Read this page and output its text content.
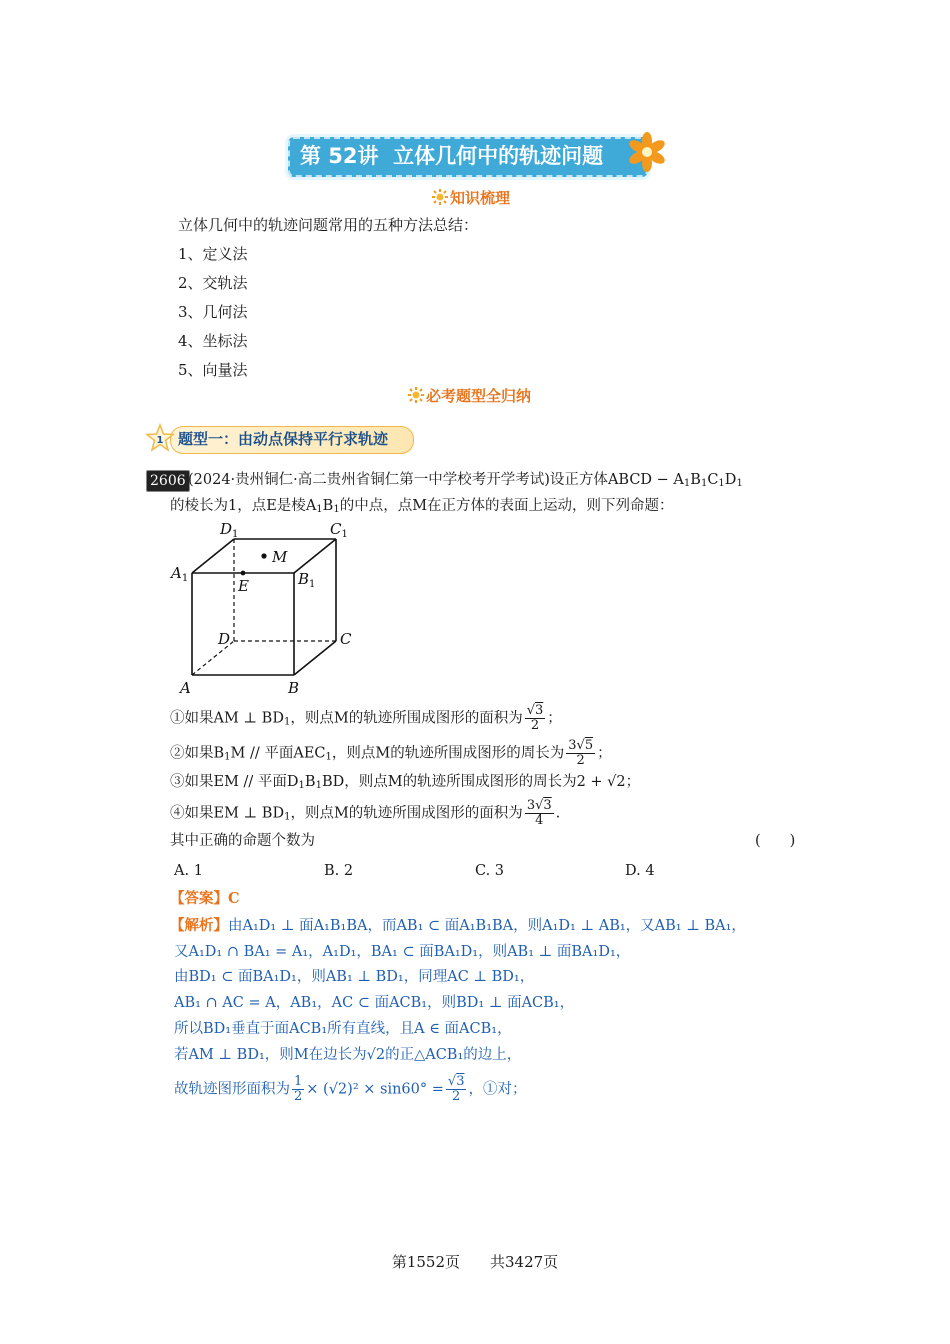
第 52讲 立体几何中的轨迹问题
知识梳理
立体几何中的轨迹问题常用的五种方法总结：
1、定义法
2、交轨法
3、几何法
4、坐标法
5、向量法
必考题型全归纳
1 题型一：由动点保持平行求轨迹
2606 (2024·贵州铜仁·高二贵州省铜仁第一中学校考开学考试)设正方体ABCD − $A_1B_1C_1D_1$
的棱长为1，点E是棱$A_1B_1$的中点，点M在正方体的表面上运动，则下列命题：
$D_1$	$C_1$
$A_1$	$B_1$
M
E
D	C
A	B
①如果AM ⊥ $BD_1$，则点M的轨迹所围成图形的面积为 $\frac{√3}{2}$ ；
②如果$B_1M$ // 平面$AEC_1$，则点M的轨迹所围成图形的周长为 $\frac{3√5}{2}$ ；
③如果EM // 平面$D_1B_1BD$，则点M的轨迹所围成图形的周长为2 + √2；
④如果EM ⊥ $BD_1$，则点M的轨迹所围成图形的面积为 $\frac{3√3}{4}$ .
其中正确的命题个数为	(　　)
A. 1	B. 2	C. 3	D. 4
【答案】C
【解析】由A₁D₁ ⊥ 面A₁B₁BA，而AB₁ ⊂ 面A₁B₁BA，则A₁D₁ ⊥ AB₁，又AB₁ ⊥ BA₁，
又A₁D₁ ∩ BA₁ = A₁，A₁D₁，BA₁ ⊂ 面BA₁D₁，则AB₁ ⊥ 面BA₁D₁，
由BD₁ ⊂ 面BA₁D₁，则AB₁ ⊥ BD₁，同理AC ⊥ BD₁，
AB₁ ∩ AC = A，AB₁，AC ⊂ 面ACB₁，则BD₁ ⊥ 面ACB₁，
所以BD₁垂直于面ACB₁所有直线，且A ∈ 面ACB₁，
若AM ⊥ BD₁，则M在边长为√2的正△ACB₁的边上，
故轨迹图形面积为 $\frac{1}{2} \times (√2)^2 \times \sin 60^\circ = \frac{√3}{2}$ ，①对；
第1552页　　共3427页
